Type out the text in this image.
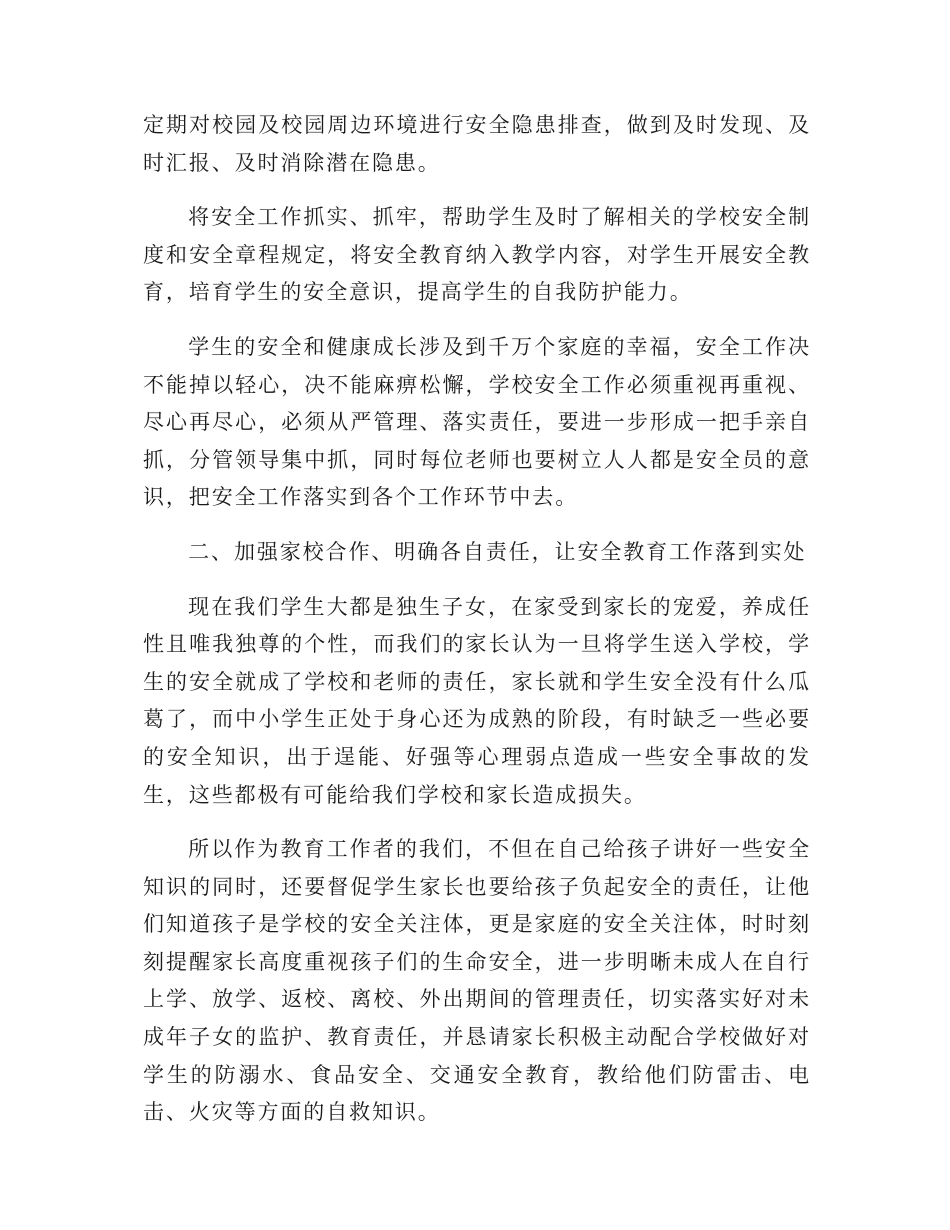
定期对校园及校园周边环境进行安全隐患排查，做到及时发现、及时汇报、及时消除潜在隐患。

将安全工作抓实、抓牢，帮助学生及时了解相关的学校安全制度和安全章程规定，将安全教育纳入教学内容，对学生开展安全教育，培育学生的安全意识，提高学生的自我防护能力。

学生的安全和健康成长涉及到千万个家庭的幸福，安全工作决不能掉以轻心，决不能麻痹松懈，学校安全工作必须重视再重视、尽心再尽心，必须从严管理、落实责任，要进一步形成一把手亲自抓，分管领导集中抓，同时每位老师也要树立人人都是安全员的意识，把安全工作落实到各个工作环节中去。

二、加强家校合作、明确各自责任，让安全教育工作落到实处

现在我们学生大都是独生子女，在家受到家长的宠爱，养成任性且唯我独尊的个性，而我们的家长认为一旦将学生送入学校，学生的安全就成了学校和老师的责任，家长就和学生安全没有什么瓜葛了，而中小学生正处于身心还为成熟的阶段，有时缺乏一些必要的安全知识，出于逞能、好强等心理弱点造成一些安全事故的发生，这些都极有可能给我们学校和家长造成损失。

所以作为教育工作者的我们，不但在自己给孩子讲好一些安全知识的同时，还要督促学生家长也要给孩子负起安全的责任，让他们知道孩子是学校的安全关注体，更是家庭的安全关注体，时时刻刻提醒家长高度重视孩子们的生命安全，进一步明晰未成人在自行上学、放学、返校、离校、外出期间的管理责任，切实落实好对未成年子女的监护、教育责任，并恳请家长积极主动配合学校做好对学生的防溺水、食品安全、交通安全教育，教给他们防雷击、电击、火灾等方面的自救知识。
